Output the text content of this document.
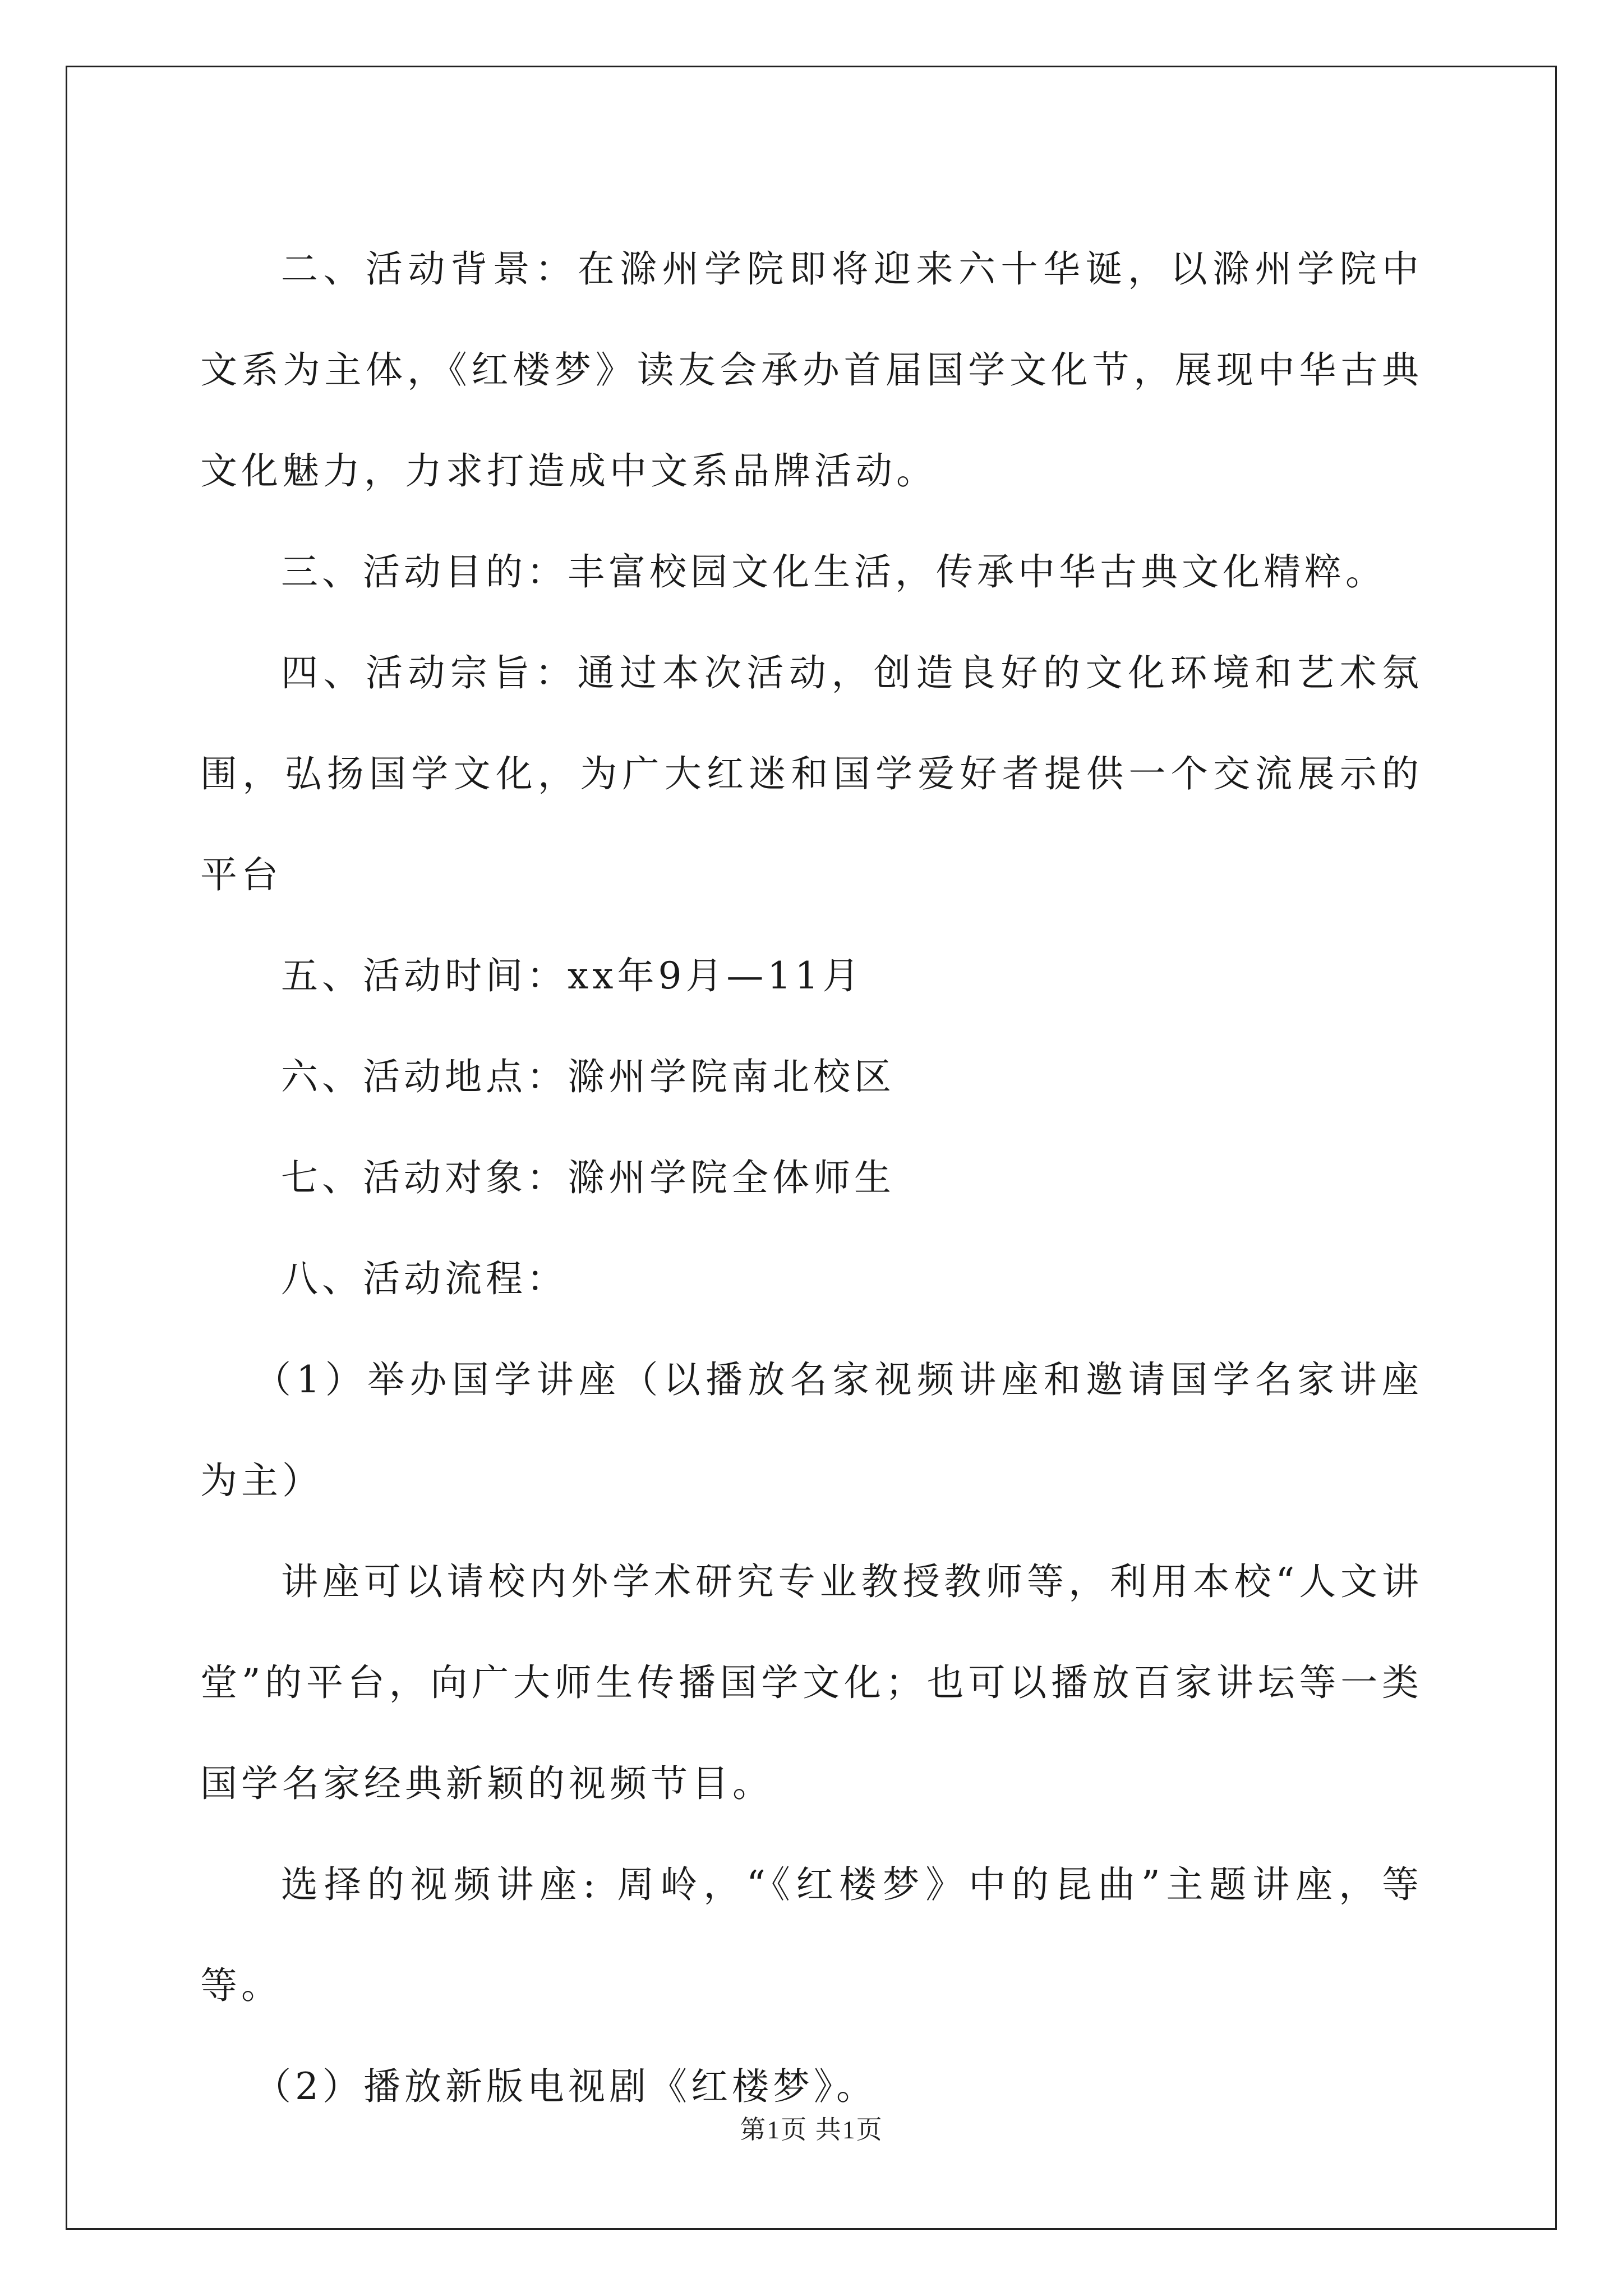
二、活动背景：在滁州学院即将迎来六十华诞，以滁州学院中文系为主体，《红楼梦》读友会承办首届国学文化节，展现中华古典文化魅力，力求打造成中文系品牌活动。

三、活动目的：丰富校园文化生活，传承中华古典文化精粹。

四、活动宗旨：通过本次活动，创造良好的文化环境和艺术氛围，弘扬国学文化，为广大红迷和国学爱好者提供一个交流展示的平台

五、活动时间：xx年9月—11月

六、活动地点：滁州学院南北校区

七、活动对象：滁州学院全体师生

八、活动流程：

（1）举办国学讲座（以播放名家视频讲座和邀请国学名家讲座为主）

讲座可以请校内外学术研究专业教授教师等，利用本校“人文讲堂”的平台，向广大师生传播国学文化；也可以播放百家讲坛等一类国学名家经典新颖的视频节目。

选择的视频讲座: 周岭，“《红楼梦》中的昆曲”主题讲座，等等。

（2）播放新版电视剧《红楼梦》。

第1页 共1页
